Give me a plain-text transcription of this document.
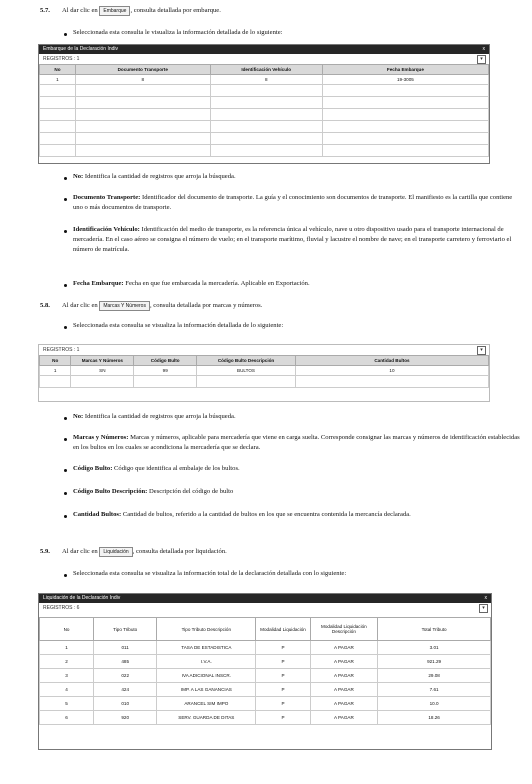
5.7. Al dar clic en Embarque , consulta detallada por embarque.
Seleccionada esta consulta le visualiza la información detallada de lo siguiente:
Embarque de la Declaración Indiv	x
REGISTROS : 1	▾
No	Documento Transporte	Identificación Vehículo	Fecha Embarque
1	8	8	19-3005

No: Identifica la cantidad de registros que arroja la búsqueda.
Documento Transporte: Identificador del documento de transporte. La guía y el conocimiento son documentos de transporte. El manifiesto es la cartilla que contiene uno o más documentos de transporte.
Identificación Vehículo: Identificación del medio de transporte, es la referencia única al vehículo, nave u otro dispositivo usado para el transporte internacional de mercadería. En el caso aéreo se consigna el número de vuelo; en el transporte marítimo, fluvial y lacustre el nombre de nave; en el transporte carretero y ferroviario el número de matrícula.
Fecha Embarque: Fecha en que fue embarcada la mercadería. Aplicable en Exportación.
5.8. Al dar clic en Marcas Y Números , consulta detallada por marcas y números.
Seleccionada esta consulta se visualiza la información detallada de lo siguiente:
REGISTROS : 1	▾
No	Marcas Y Números	Código Bulto	Código Bulto Descripción	Cantidad Bultos
1	SN	99	BULTOS	10

No: Identifica la cantidad de registros que arroja la búsqueda.
Marcas y Números: Marcas y números, aplicable para mercadería que viene en carga suelta. Corresponde consignar las marcas y números de identificación establecidas en los bultos en los cuales se acondiciona la mercadería que se declara.
Código Bulto: Código que identifica al embalaje de los bultos.
Código Bulto Descripción: Descripción del código de bulto
Cantidad Bultos: Cantidad de bultos, referido a la cantidad de bultos en los que se encuentra contenida la mercancía declarada.
5.9. Al dar clic en Liquidación , consulta detallada por liquidación.
Seleccionada esta consulta se visualiza la información total de la declaración detallada con lo siguiente:
Liquidación de la Declaración Indiv	x
REGISTROS : 6	▾
No	Tipo Tributo	Tipo Tributo Descripción	Modalidad Liquidación	Modalidad Liquidación Descripción	Total Tributo
1	011	TASA DE ESTADISTICA	P	A PAGAR	3.01
2	485	I.V.A.	P	A PAGAR	921.29
3	022	IVA ADICIONAL INSCR.	P	A PAGAR	29.08
4	424	IMP. A LAS GANANCIAS	P	A PAGAR	7.61
5	010	ARANCEL SIM IMPO	P	A PAGAR	10.0
6	920	SERV. GUARDA DE DITAS	P	A PAGAR	18.26
